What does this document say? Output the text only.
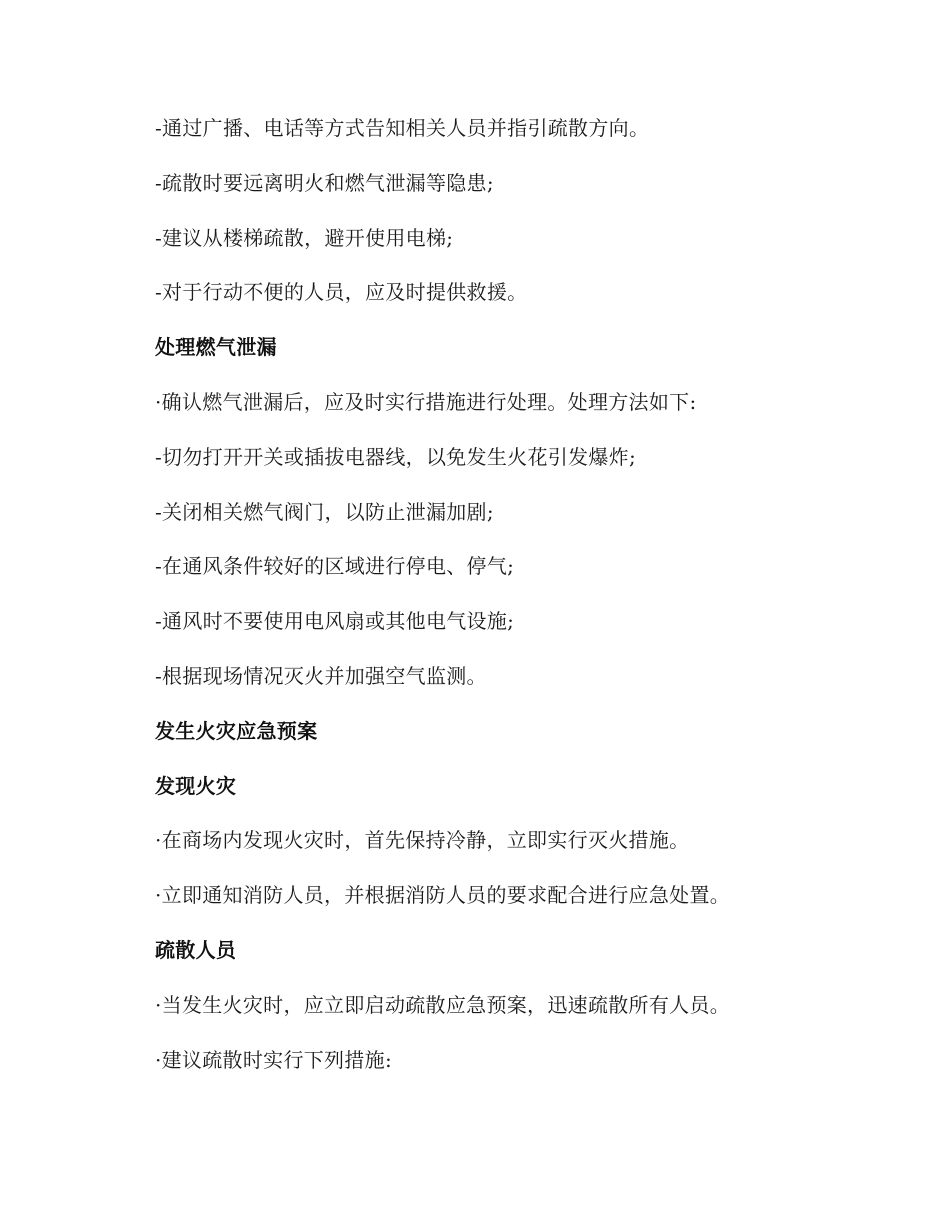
-通过广播、电话等方式告知相关人员并指引疏散方向。
-疏散时要远离明火和燃气泄漏等隐患;
-建议从楼梯疏散，避开使用电梯;
-对于行动不便的人员，应及时提供救援。
处理燃气泄漏
·确认燃气泄漏后，应及时实行措施进行处理。处理方法如下:
-切勿打开开关或插拔电器线，以免发生火花引发爆炸;
-关闭相关燃气阀门，以防止泄漏加剧;
-在通风条件较好的区域进行停电、停气;
-通风时不要使用电风扇或其他电气设施;
-根据现场情况灭火并加强空气监测。
发生火灾应急预案
发现火灾
·在商场内发现火灾时，首先保持冷静，立即实行灭火措施。
·立即通知消防人员，并根据消防人员的要求配合进行应急处置。
疏散人员
·当发生火灾时，应立即启动疏散应急预案，迅速疏散所有人员。
·建议疏散时实行下列措施:
